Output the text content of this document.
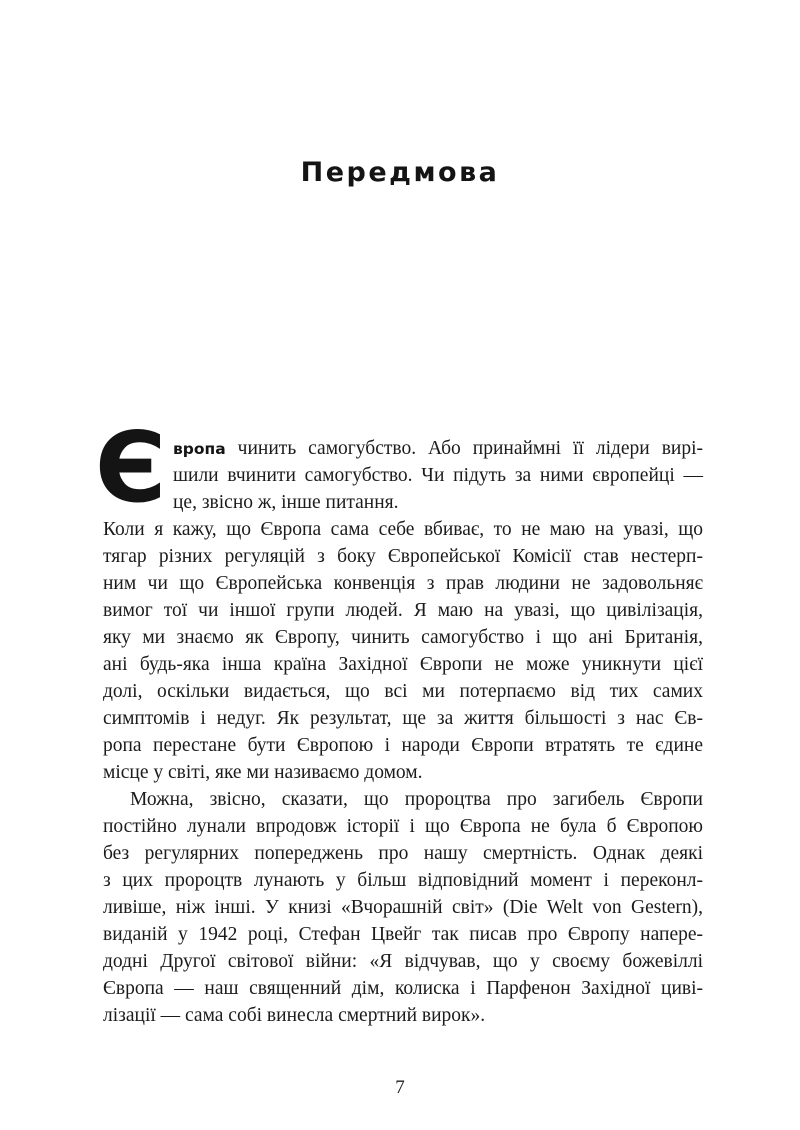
Передмова
Є вропа чинить самогубство. Або принаймні її лідери вирі-
шили вчинити самогубство. Чи підуть за ними європейці —
це, звісно ж, інше питання.
Коли я кажу, що Європа сама себе вбиває, то не маю на увазі, що
тягар різних регуляцій з боку Європейської Комісії став нестерп-
ним чи що Європейська конвенція з прав людини не задовольняє
вимог тої чи іншої групи людей. Я маю на увазі, що цивілізація,
яку ми знаємо як Європу, чинить самогубство і що ані Британія,
ані будь-яка інша країна Західної Європи не може уникнути цієї
долі, оскільки видається, що всі ми потерпаємо від тих самих
симптомів і недуг. Як результат, ще за життя більшості з нас Єв-
ропа перестане бути Європою і народи Європи втратять те єдине
місце у світі, яке ми називаємо домом.
Можна, звісно, сказати, що пророцтва про загибель Європи
постійно лунали впродовж історії і що Європа не була б Європою
без регулярних попереджень про нашу смертність. Однак деякі
з цих пророцтв лунають у більш відповідний момент і переконл-
ливіше, ніж інші. У книзі «Вчорашній світ» (Die Welt von Gestern),
виданій у 1942 році, Стефан Цвейг так писав про Європу напере-
додні Другої світової війни: «Я відчував, що у своєму божевіллі
Європа — наш священний дім, колиска і Парфенон Західної циві-
лізації — сама собі винесла смертний вирок».
7
